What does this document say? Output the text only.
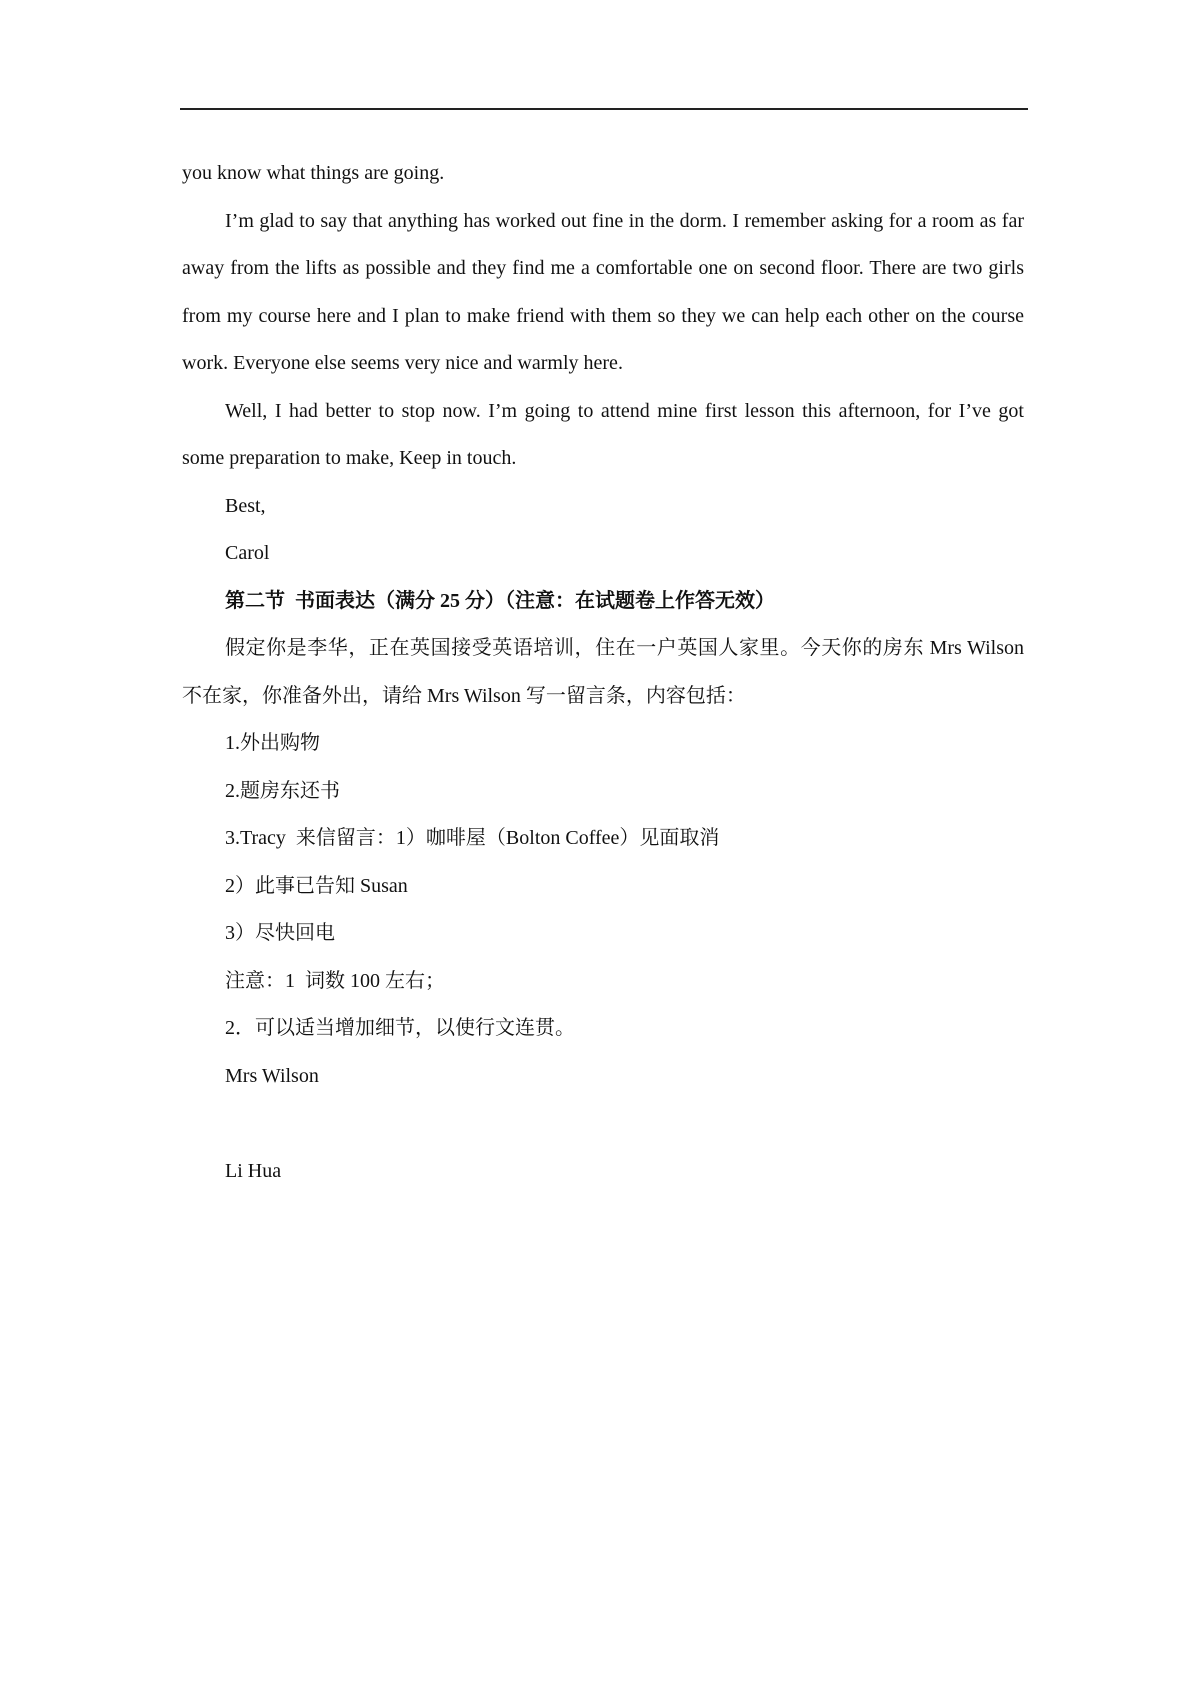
you know what things are going.

I’m glad to say that anything has worked out fine in the dorm. I remember asking for a room as far away from the lifts as possible and they find me a comfortable one on second floor. There are two girls from my course here and I plan to make friend with them so they we can help each other on the course work. Everyone else seems very nice and warmly here.

Well, I had better to stop now. I’m going to attend mine first lesson this afternoon, for I’ve got some preparation to make, Keep in touch.

Best,

Carol

第二节  书面表达（满分 25 分）（注意：在试题卷上作答无效）

假定你是李华，正在英国接受英语培训，住在一户英国人家里。今天你的房东 Mrs Wilson 不在家，你准备外出，请给 Mrs Wilson 写一留言条，内容包括：

1.外出购物

2.题房东还书

3.Tracy  来信留言：1）咖啡屋（Bolton Coffee）见面取消

2）此事已告知 Susan

3）尽快回电

注意：1  词数 100 左右；

2．可以适当增加细节，以使行文连贯。

Mrs Wilson

Li Hua
